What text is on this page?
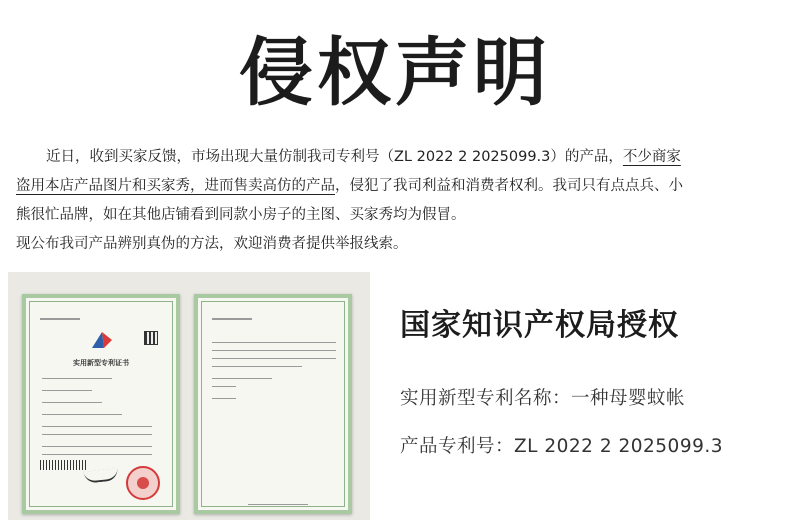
侵权声明

近日，收到买家反馈，市场出现大量仿制我司专利号（ZL 2022 2 2025099.3）的产品，不少商家

盗用本店产品图片和买家秀，进而售卖高仿的产品，侵犯了我司利益和消费者权利。我司只有点点兵、小

熊很忙品牌，如在其他店铺看到同款小房子的主图、买家秀均为假冒。

现公布我司产品辨别真伪的方法，欢迎消费者提供举报线索。

实用新型专利证书
国家知识产权局授权
实用新型专利名称：一种母婴蚊帐
产品专利号：ZL 2022 2 2025099.3
